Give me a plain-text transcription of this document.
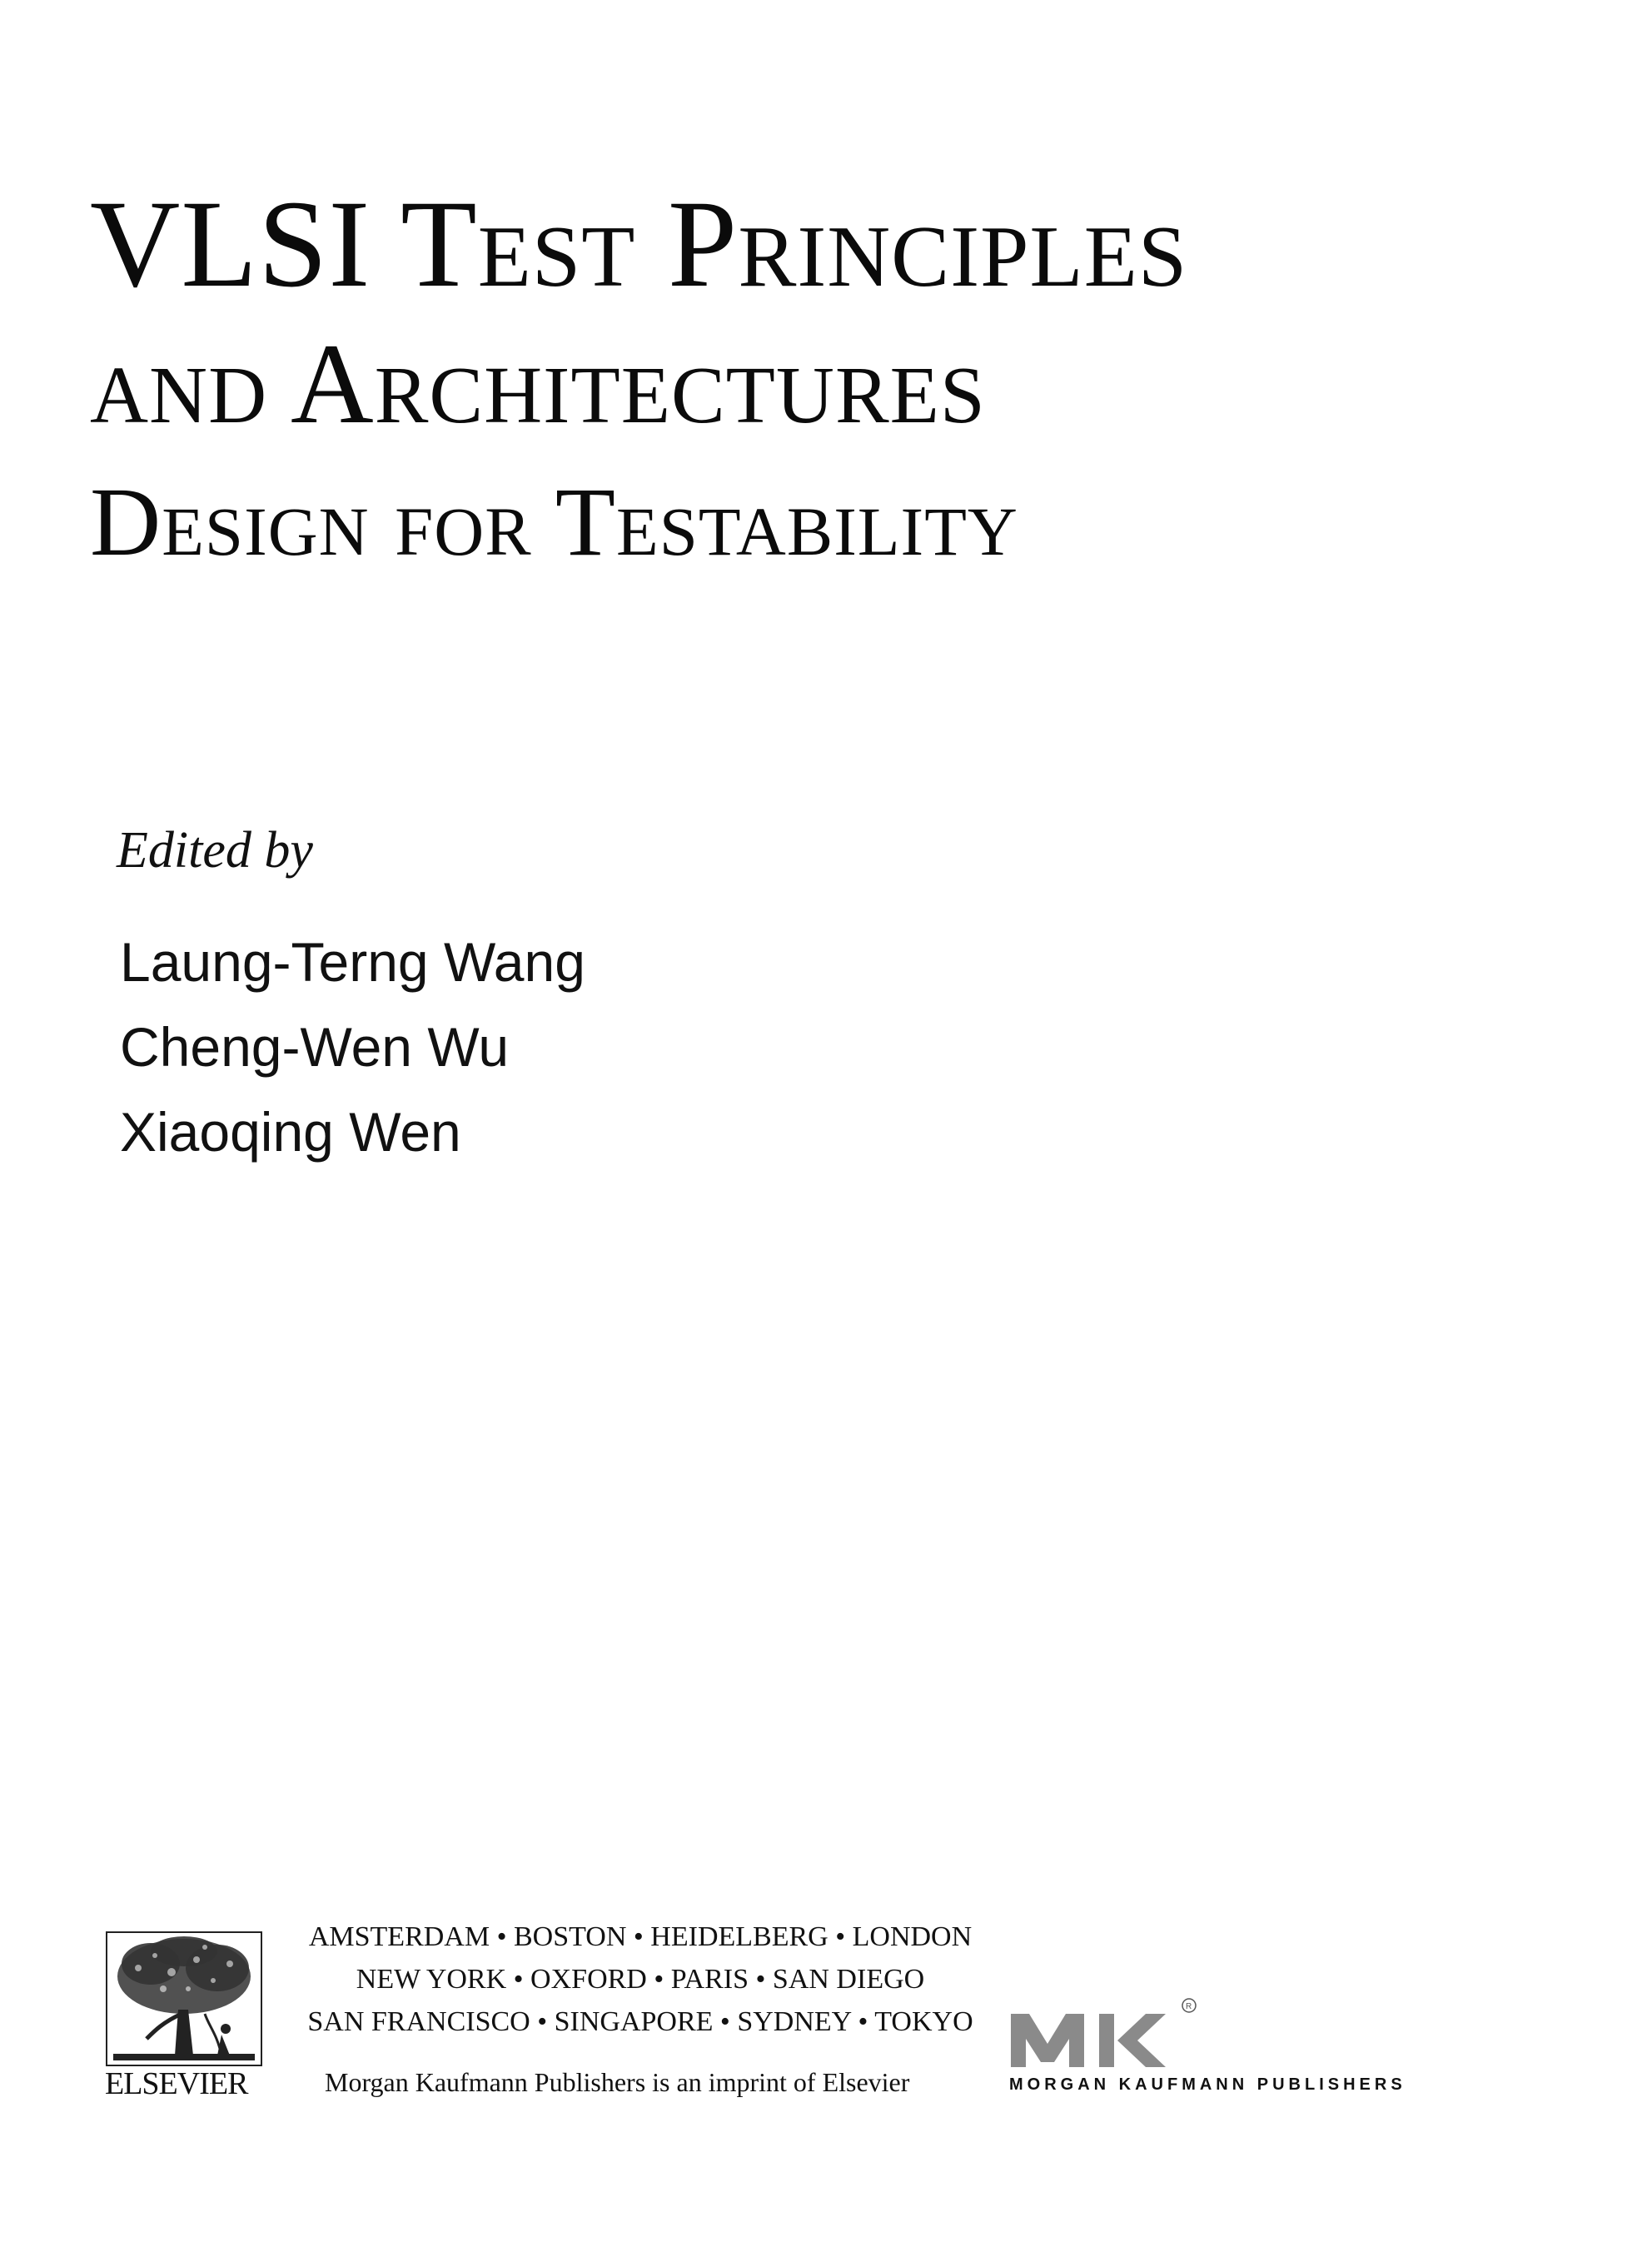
VLSI Test Principles
and Architectures
Design for Testability
Edited by
Laung-Terng Wang
Cheng-Wen Wu
Xiaoqing Wen
ELSEVIER
AMSTERDAM • BOSTON • HEIDELBERG • LONDON
NEW YORK • OXFORD • PARIS • SAN DIEGO
SAN FRANCISCO • SINGAPORE • SYDNEY • TOKYO
Morgan Kaufmann Publishers is an imprint of Elsevier
R
MORGAN KAUFMANN PUBLISHERS
